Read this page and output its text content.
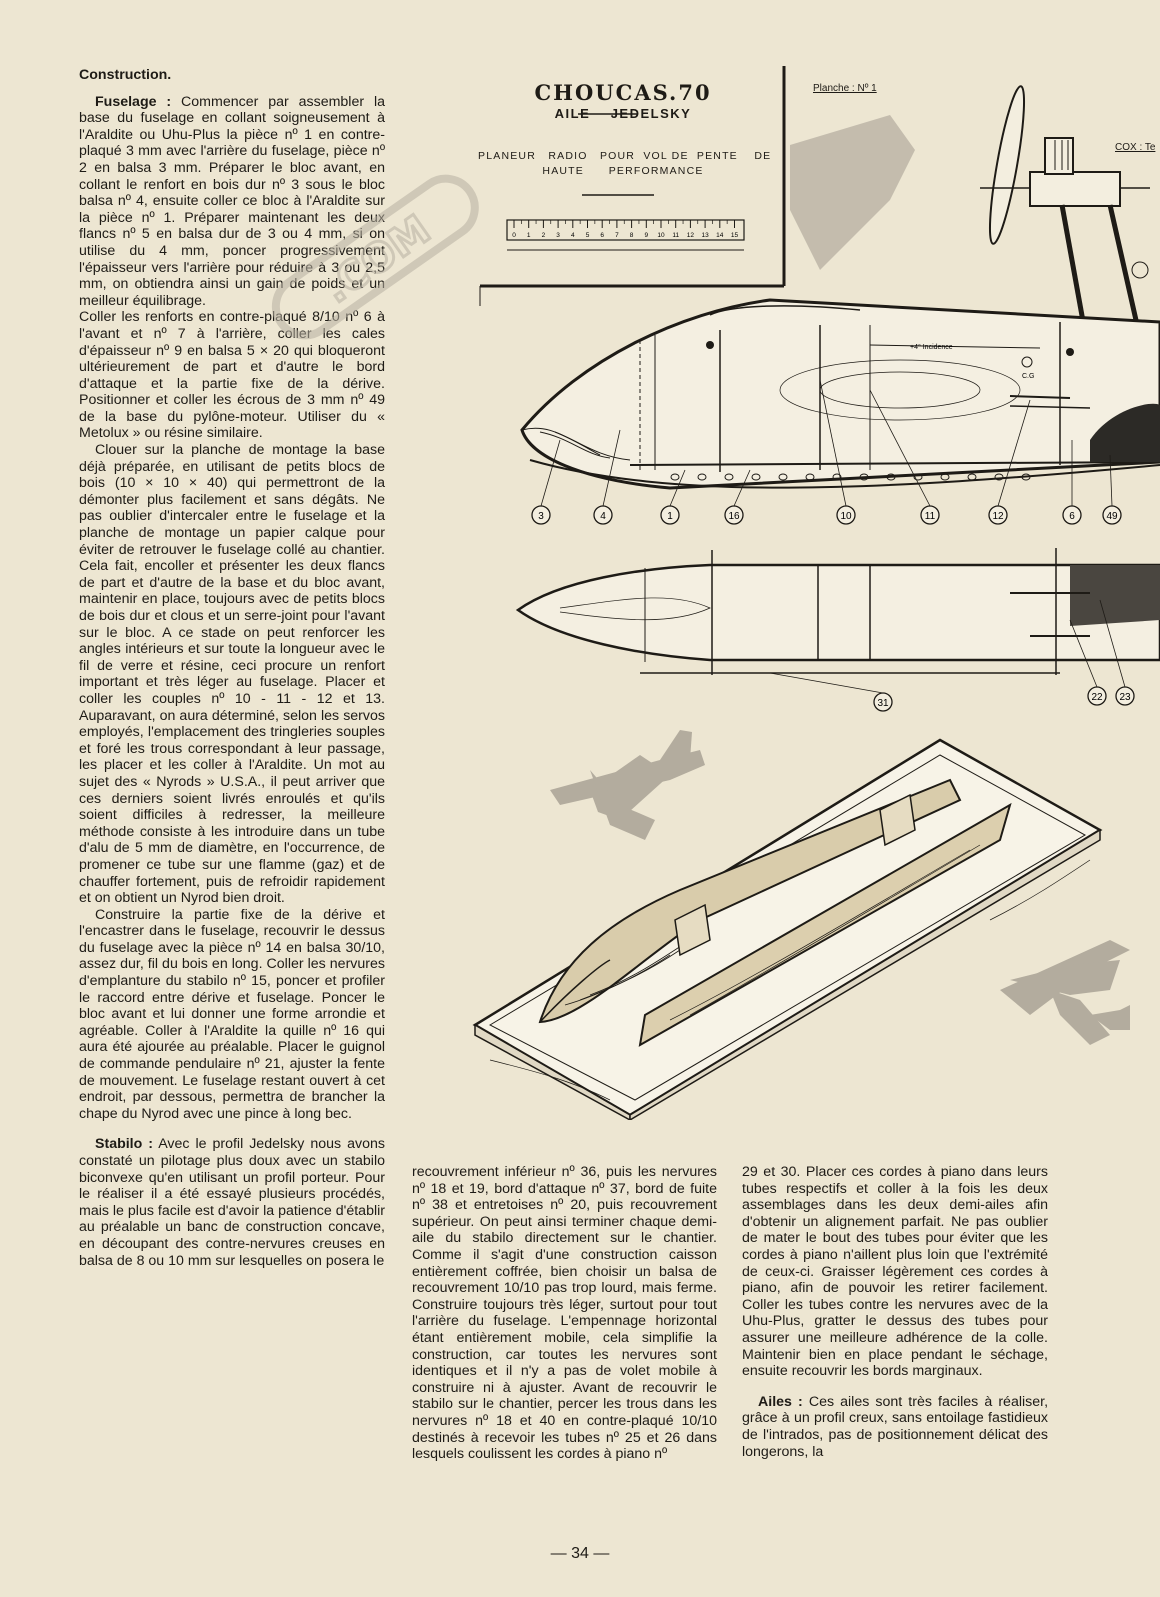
Construction.

Fuselage : Commencer par assembler la base du fuselage en collant soigneusement à l'Araldite ou Uhu-Plus la pièce nº 1 en contre-plaqué 3 mm avec l'arrière du fuselage, pièce nº 2 en balsa 3 mm. Préparer le bloc avant, en collant le renfort en bois dur nº 3 sous le bloc balsa nº 4, ensuite coller ce bloc à l'Araldite sur la pièce nº 1. Préparer maintenant les deux flancs nº 5 en balsa dur de 3 ou 4 mm, si on utilise du 4 mm, poncer progressivement l'épaisseur vers l'arrière pour réduire à 3 ou 2,5 mm, on obtiendra ainsi un gain de poids et un meilleur équilibrage.

Coller les renforts en contre-plaqué 8/10 nº 6 à l'avant et nº 7 à l'arrière, coller les cales d'épaisseur nº 9 en balsa 5 × 20 qui bloqueront ultérieurement de part et d'autre le bord d'attaque et la partie fixe de la dérive. Positionner et coller les écrous de 3 mm nº 49 de la base du pylône-moteur. Utiliser du « Metolux » ou résine similaire.

Clouer sur la planche de montage la base déjà préparée, en utilisant de petits blocs de bois (10 × 10 × 40) qui permettront de la démonter plus facilement et sans dégâts. Ne pas oublier d'intercaler entre le fuselage et la planche de montage un papier calque pour éviter de retrouver le fuselage collé au chantier. Cela fait, encoller et présenter les deux flancs de part et d'autre de la base et du bloc avant, maintenir en place, toujours avec de petits blocs de bois dur et clous et un serre-joint pour l'avant sur le bloc. A ce stade on peut renforcer les angles intérieurs et sur toute la longueur avec le fil de verre et résine, ceci procure un renfort important et très léger au fuselage. Placer et coller les couples nº 10 - 11 - 12 et 13. Auparavant, on aura déterminé, selon les servos employés, l'emplacement des tringleries souples et foré les trous correspondant à leur passage, les placer et les coller à l'Araldite. Un mot au sujet des « Nyrods » U.S.A., il peut arriver que ces derniers soient livrés enroulés et qu'ils soient difficiles à redresser, la meilleure méthode consiste à les introduire dans un tube d'alu de 5 mm de diamètre, en l'occurrence, de promener ce tube sur une flamme (gaz) et de chauffer fortement, puis de refroidir rapidement et on obtient un Nyrod bien droit.

Construire la partie fixe de la dérive et l'encastrer dans le fuselage, recouvrir le dessus du fuselage avec la pièce nº 14 en balsa 30/10, assez dur, fil du bois en long. Coller les nervures d'emplanture du stabilo nº 15, poncer et profiler le raccord entre dérive et fuselage. Poncer le bloc avant et lui donner une forme arrondie et agréable. Coller à l'Araldite la quille nº 16 qui aura été ajourée au préalable. Placer le guignol de commande pendulaire nº 21, ajuster la fente de mouvement. Le fuselage restant ouvert à cet endroit, par dessous, permettra de brancher la chape du Nyrod avec une pince à long bec.

Stabilo : Avec le profil Jedelsky nous avons constaté un pilotage plus doux avec un stabilo biconvexe qu'en utilisant un profil porteur. Pour le réaliser il a été essayé plusieurs procédés, mais le plus facile est d'avoir la patience d'établir au préalable un banc de construction concave, en découpant des contre-nervures creuses en balsa de 8 ou 10 mm sur lesquelles on posera le

recouvrement inférieur nº 36, puis les nervures nº 18 et 19, bord d'attaque nº 37, bord de fuite nº 38 et entretoises nº 20, puis recouvrement supérieur. On peut ainsi terminer chaque demi-aile du stabilo directement sur le chantier. Comme il s'agit d'une construction caisson entièrement coffrée, bien choisir un balsa de recouvrement 10/10 pas trop lourd, mais ferme. Construire toujours très léger, surtout pour tout l'arrière du fuselage. L'empennage horizontal étant entièrement mobile, cela simplifie la construction, car toutes les nervures sont identiques et il n'y a pas de volet mobile à construire ni à ajuster. Avant de recouvrir le stabilo sur le chantier, percer les trous dans les nervures nº 18 et 40 en contre-plaqué 10/10 destinés à recevoir les tubes nº 25 et 26 dans lesquels coulissent les cordes à piano nº

29 et 30. Placer ces cordes à piano dans leurs tubes respectifs et coller à la fois les deux assemblages dans les deux demi-ailes afin d'obtenir un alignement parfait. Ne pas oublier de mater le bout des tubes pour éviter que les cordes à piano n'aillent plus loin que l'extrémité de ceux-ci. Graisser légèrement ces cordes à piano, afin de pouvoir les retirer facilement. Coller les tubes contre les nervures avec de la Uhu-Plus, gratter le dessus des tubes pour assurer une meilleure adhérence de la colle. Maintenir bien en place pendant le séchage, ensuite recouvrir les bords marginaux.

Ailes : Ces ailes sont très faciles à réaliser, grâce à un profil creux, sans entoilage fastidieux de l'intrados, pas de positionnement délicat des longerons, la

.COM	0 1 2 3 4 5 6 7 8 9 10 11 12 13 14 15
+4° Incidence
C.G
3	4	1	16	10	11	12	6	49
31
22 23
CHOUCAS.70
AILE    JEDELSKY
PLANEUR   RADIO   POUR  VOL DE  PENTE    DE
HAUTE      PERFORMANCE
Planche : Nº 1
COX : Te
— 34 —
